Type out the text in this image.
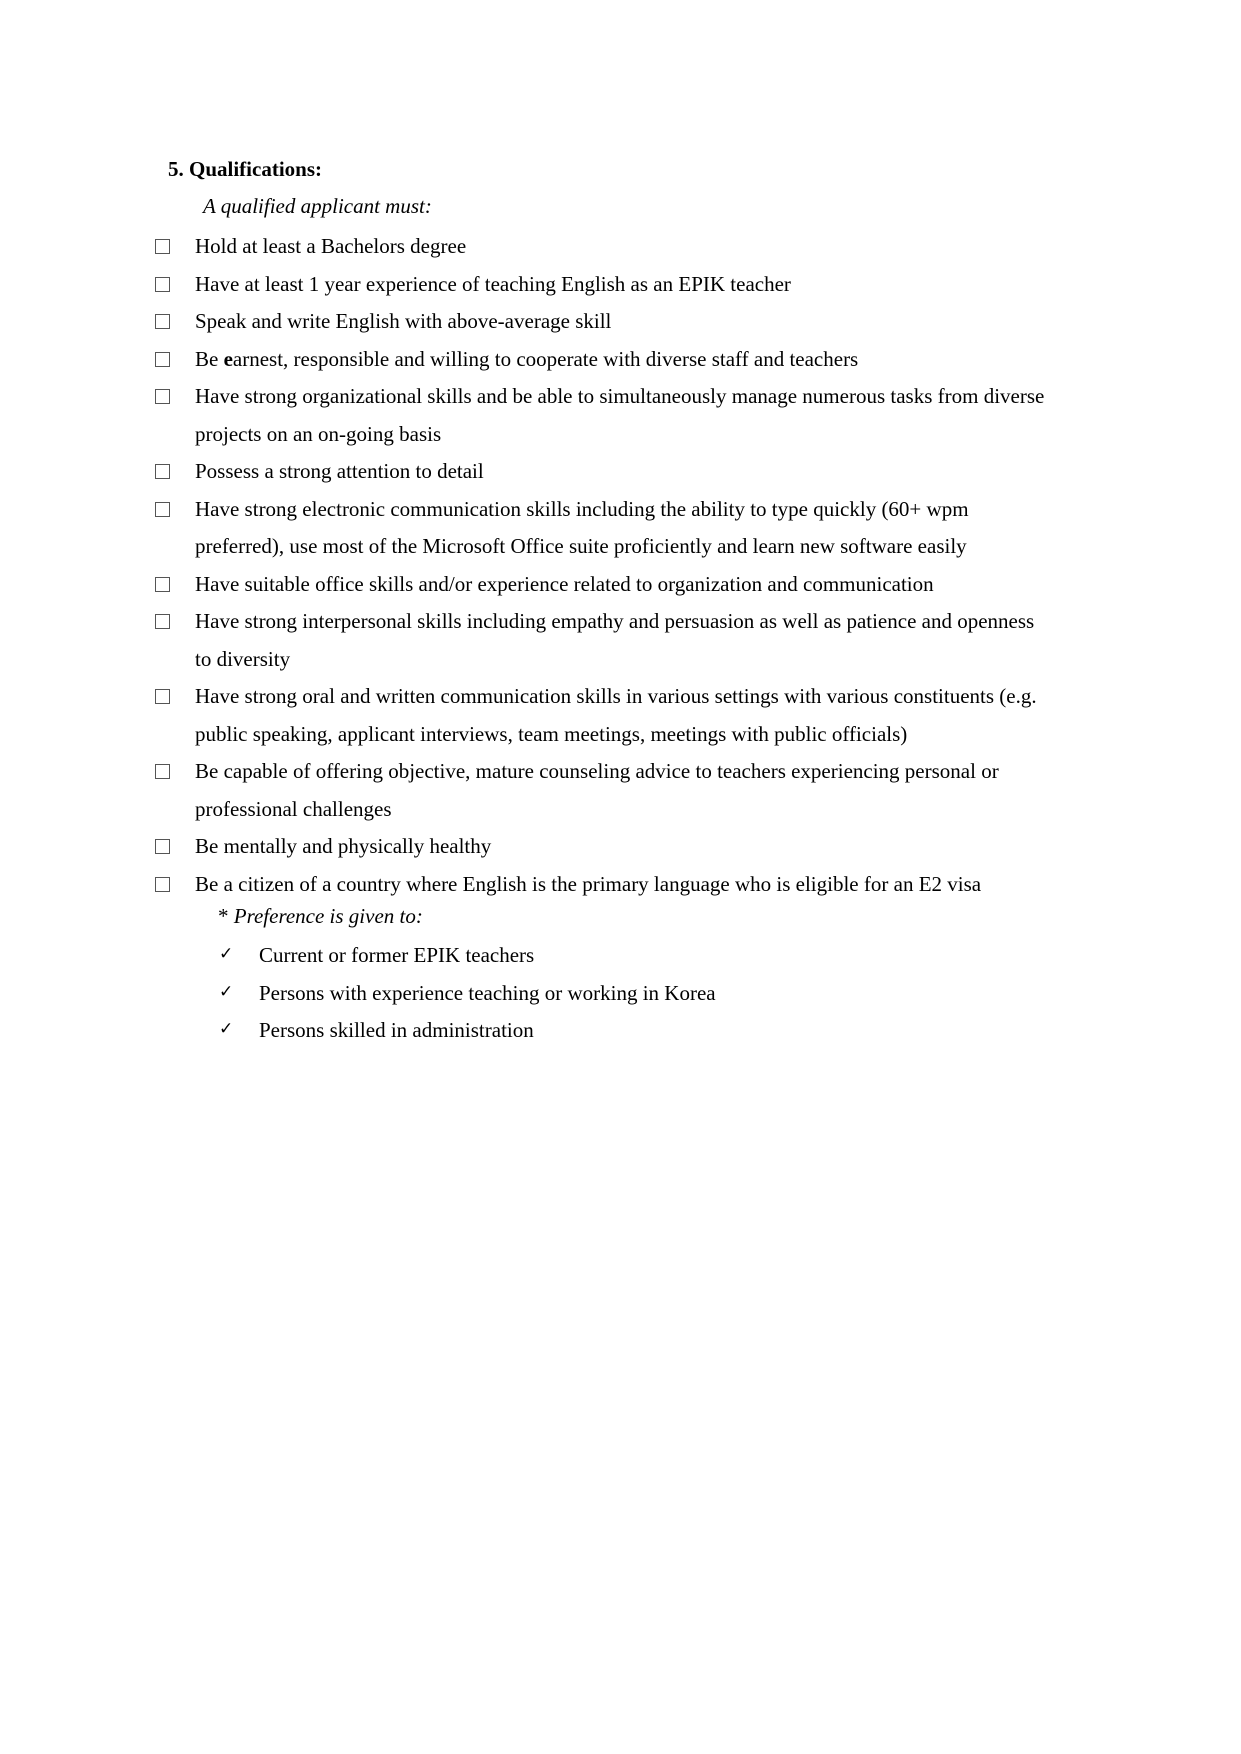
5. Qualifications:
A qualified applicant must:
Hold at least a Bachelors degree
Have at least 1 year experience of teaching English as an EPIK teacher
Speak and write English with above-average skill
Be earnest, responsible and willing to cooperate with diverse staff and teachers
Have strong organizational skills and be able to simultaneously manage numerous tasks from diverse
projects on an on-going basis
Possess a strong attention to detail
Have strong electronic communication skills including the ability to type quickly (60+ wpm
preferred), use most of the Microsoft Office suite proficiently and learn new software easily
Have suitable office skills and/or experience related to organization and communication
Have strong interpersonal skills including empathy and persuasion as well as patience and openness
to diversity
Have strong oral and written communication skills in various settings with various constituents (e.g.
public speaking, applicant interviews, team meetings, meetings with public officials)
Be capable of offering objective, mature counseling advice to teachers experiencing personal or
professional challenges
Be mentally and physically healthy
Be a citizen of a country where English is the primary language who is eligible for an E2 visa
* Preference is given to:
✓ Current or former EPIK teachers
✓ Persons with experience teaching or working in Korea
✓ Persons skilled in administration
